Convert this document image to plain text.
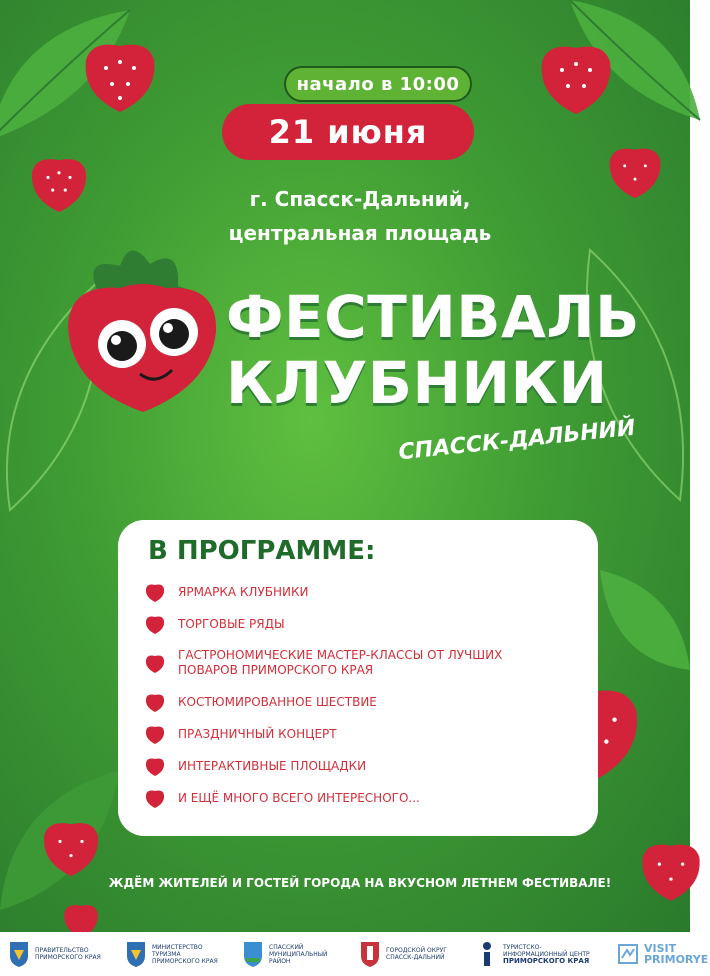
начало в 10:00
21 июня
г. Спасск-Дальний,
центральная площадь
ФЕСТИВАЛЬ
КЛУБНИКИ
СПАССК-ДАЛЬНИЙ
В ПРОГРАММЕ:
ЯРМАРКА КЛУБНИКИ
ТОРГОВЫЕ РЯДЫ
ГАСТРОНОМИЧЕСКИЕ МАСТЕР-КЛАССЫ ОТ ЛУЧШИХ ПОВАРОВ ПРИМОРСКОГО КРАЯ
КОСТЮМИРОВАННОЕ ШЕСТВИЕ
ПРАЗДНИЧНЫЙ КОНЦЕРТ
ИНТЕРАКТИВНЫЕ ПЛОЩАДКИ
И ЕЩЁ МНОГО ВСЕГО ИНТЕРЕСНОГО...
ЖДЁМ ЖИТЕЛЕЙ И ГОСТЕЙ ГОРОДА НА ВКУСНОМ ЛЕТНЕМ ФЕСТИВАЛЕ!
ПРАВИТЕЛЬСТВО
ПРИМОРСКОГО КРАЯ
МИНИСТЕРСТВО ТУРИЗМА
ПРИМОРСКОГО КРАЯ
СПАССКИЙ МУНИЦИПАЛЬНЫЙ
РАЙОН
ГОРОДСКОЙ ОКРУГ
СПАССК-ДАЛЬНИЙ
ТУРИСТСКО-ИНФОРМАЦИОННЫЙ ЦЕНТР
ПРИМОРСКОГО КРАЯ
VISIT
PRIMORYE
